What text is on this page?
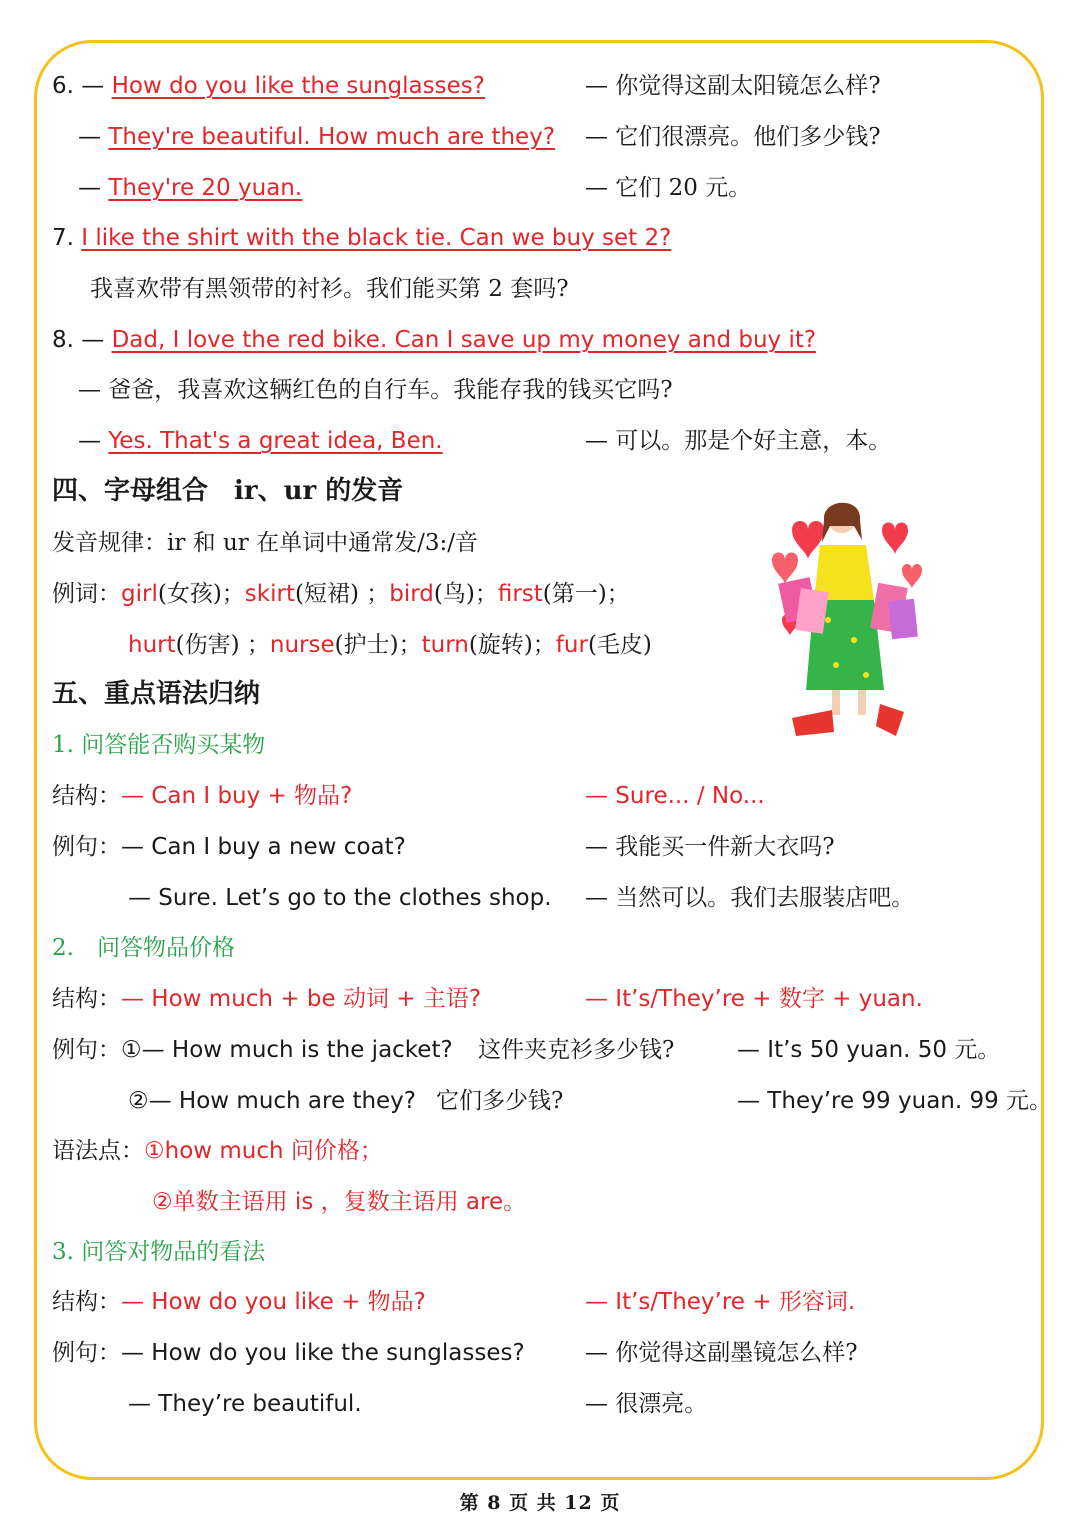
6. — How do you like the sunglasses?	— 你觉得这副太阳镜怎么样?
— They're beautiful. How much are they? — 它们很漂亮。他们多少钱?
— They're 20 yuan.	— 它们 20 元。
7. I like the shirt with the black tie. Can we buy set 2?
我喜欢带有黑领带的衬衫。我们能买第 2 套吗?
8. — Dad, I love the red bike. Can I save up my money and buy it?
— 爸爸，我喜欢这辆红色的自行车。我能存我的钱买它吗?
— Yes. That's a great idea, Ben.	— 可以。那是个好主意，本。
四、字母组合　ir、ur 的发音
发音规律：ir 和 ur 在单词中通常发/3:/音
例词：girl(女孩)；skirt(短裙) ；bird(鸟)；first(第一)；
hurt(伤害) ；nurse(护士)；turn(旋转)；fur(毛皮)
五、重点语法归纳
1. 问答能否购买某物
结构：— Can I buy + 物品?	— Sure... / No...
例句：— Can I buy a new coat?	— 我能买一件新大衣吗?
— Sure. Let’s go to the clothes shop. — 当然可以。我们去服装店吧。
2.　问答物品价格
结构：— How much + be 动词 + 主语?	— It’s/They’re + 数字 + yuan.
例句：①— How much is the jacket? 这件夹克衫多少钱?	— It’s 50 yuan. 50 元。
②— How much are they? 它们多少钱?	— They’re 99 yuan. 99 元。
语法点：①how much 问价格；
②单数主语用 is ，复数主语用 are。
3. 问答对物品的看法
结构：— How do you like + 物品?	— It’s/They’re + 形容词.
例句：— How do you like the sunglasses?	— 你觉得这副墨镜怎么样?
— They’re beautiful.	— 很漂亮。
第 8 页 共 12 页
